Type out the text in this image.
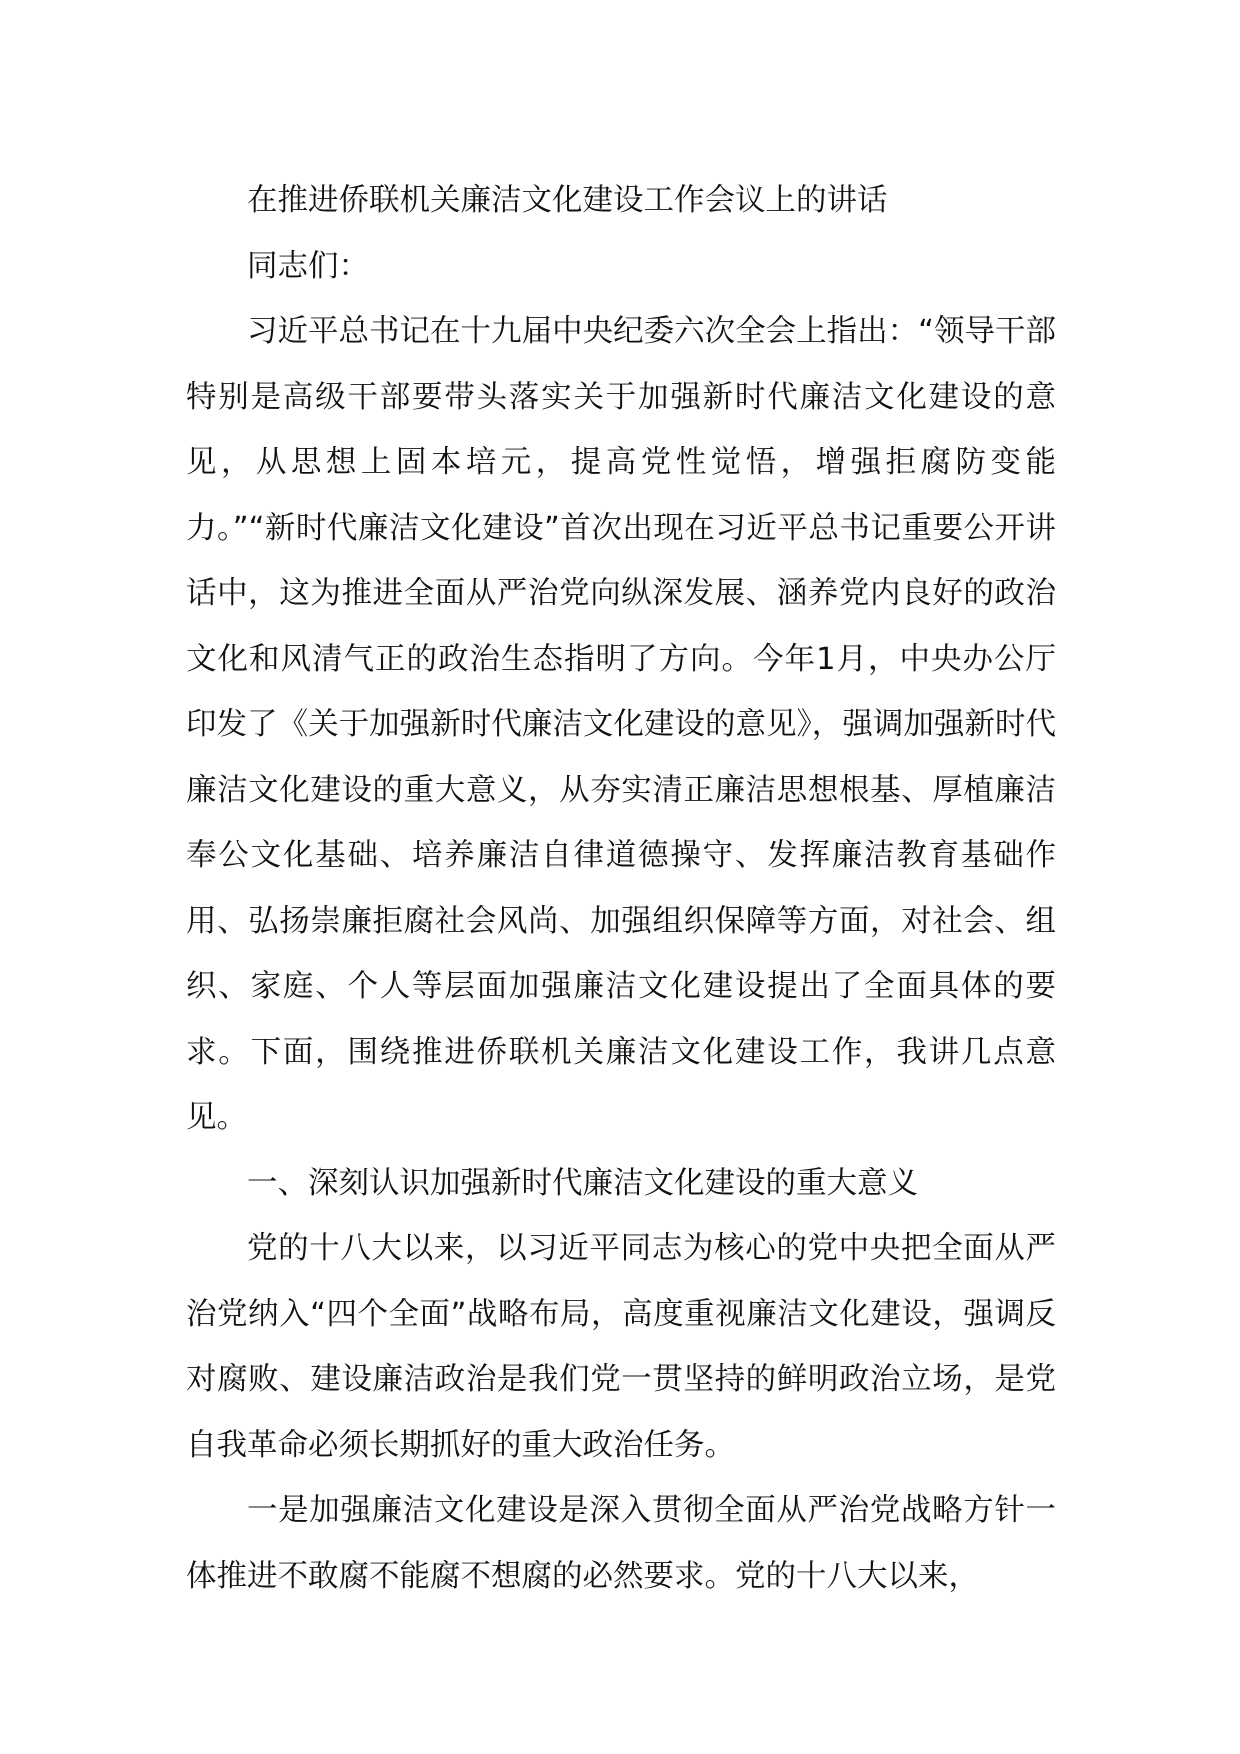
在推进侨联机关廉洁文化建设工作会议上的讲话

同志们：

习近平总书记在十九届中央纪委六次全会上指出：“领导干部特别是高级干部要带头落实关于加强新时代廉洁文化建设的意见，从思想上固本培元，提高党性觉悟，增强拒腐防变能力。”“新时代廉洁文化建设”首次出现在习近平总书记重要公开讲话中，这为推进全面从严治党向纵深发展、涵养党内良好的政治文化和风清气正的政治生态指明了方向。今年1月，中央办公厅印发了《关于加强新时代廉洁文化建设的意见》，强调加强新时代廉洁文化建设的重大意义，从夯实清正廉洁思想根基、厚植廉洁奉公文化基础、培养廉洁自律道德操守、发挥廉洁教育基础作用、弘扬崇廉拒腐社会风尚、加强组织保障等方面，对社会、组织、家庭、个人等层面加强廉洁文化建设提出了全面具体的要求。下面，围绕推进侨联机关廉洁文化建设工作，我讲几点意见。

一、深刻认识加强新时代廉洁文化建设的重大意义

党的十八大以来，以习近平同志为核心的党中央把全面从严治党纳入“四个全面”战略布局，高度重视廉洁文化建设，强调反对腐败、建设廉洁政治是我们党一贯坚持的鲜明政治立场，是党自我革命必须长期抓好的重大政治任务。

一是加强廉洁文化建设是深入贯彻全面从严治党战略方针一体推进不敢腐不能腐不想腐的必然要求。党的十八大以来，
